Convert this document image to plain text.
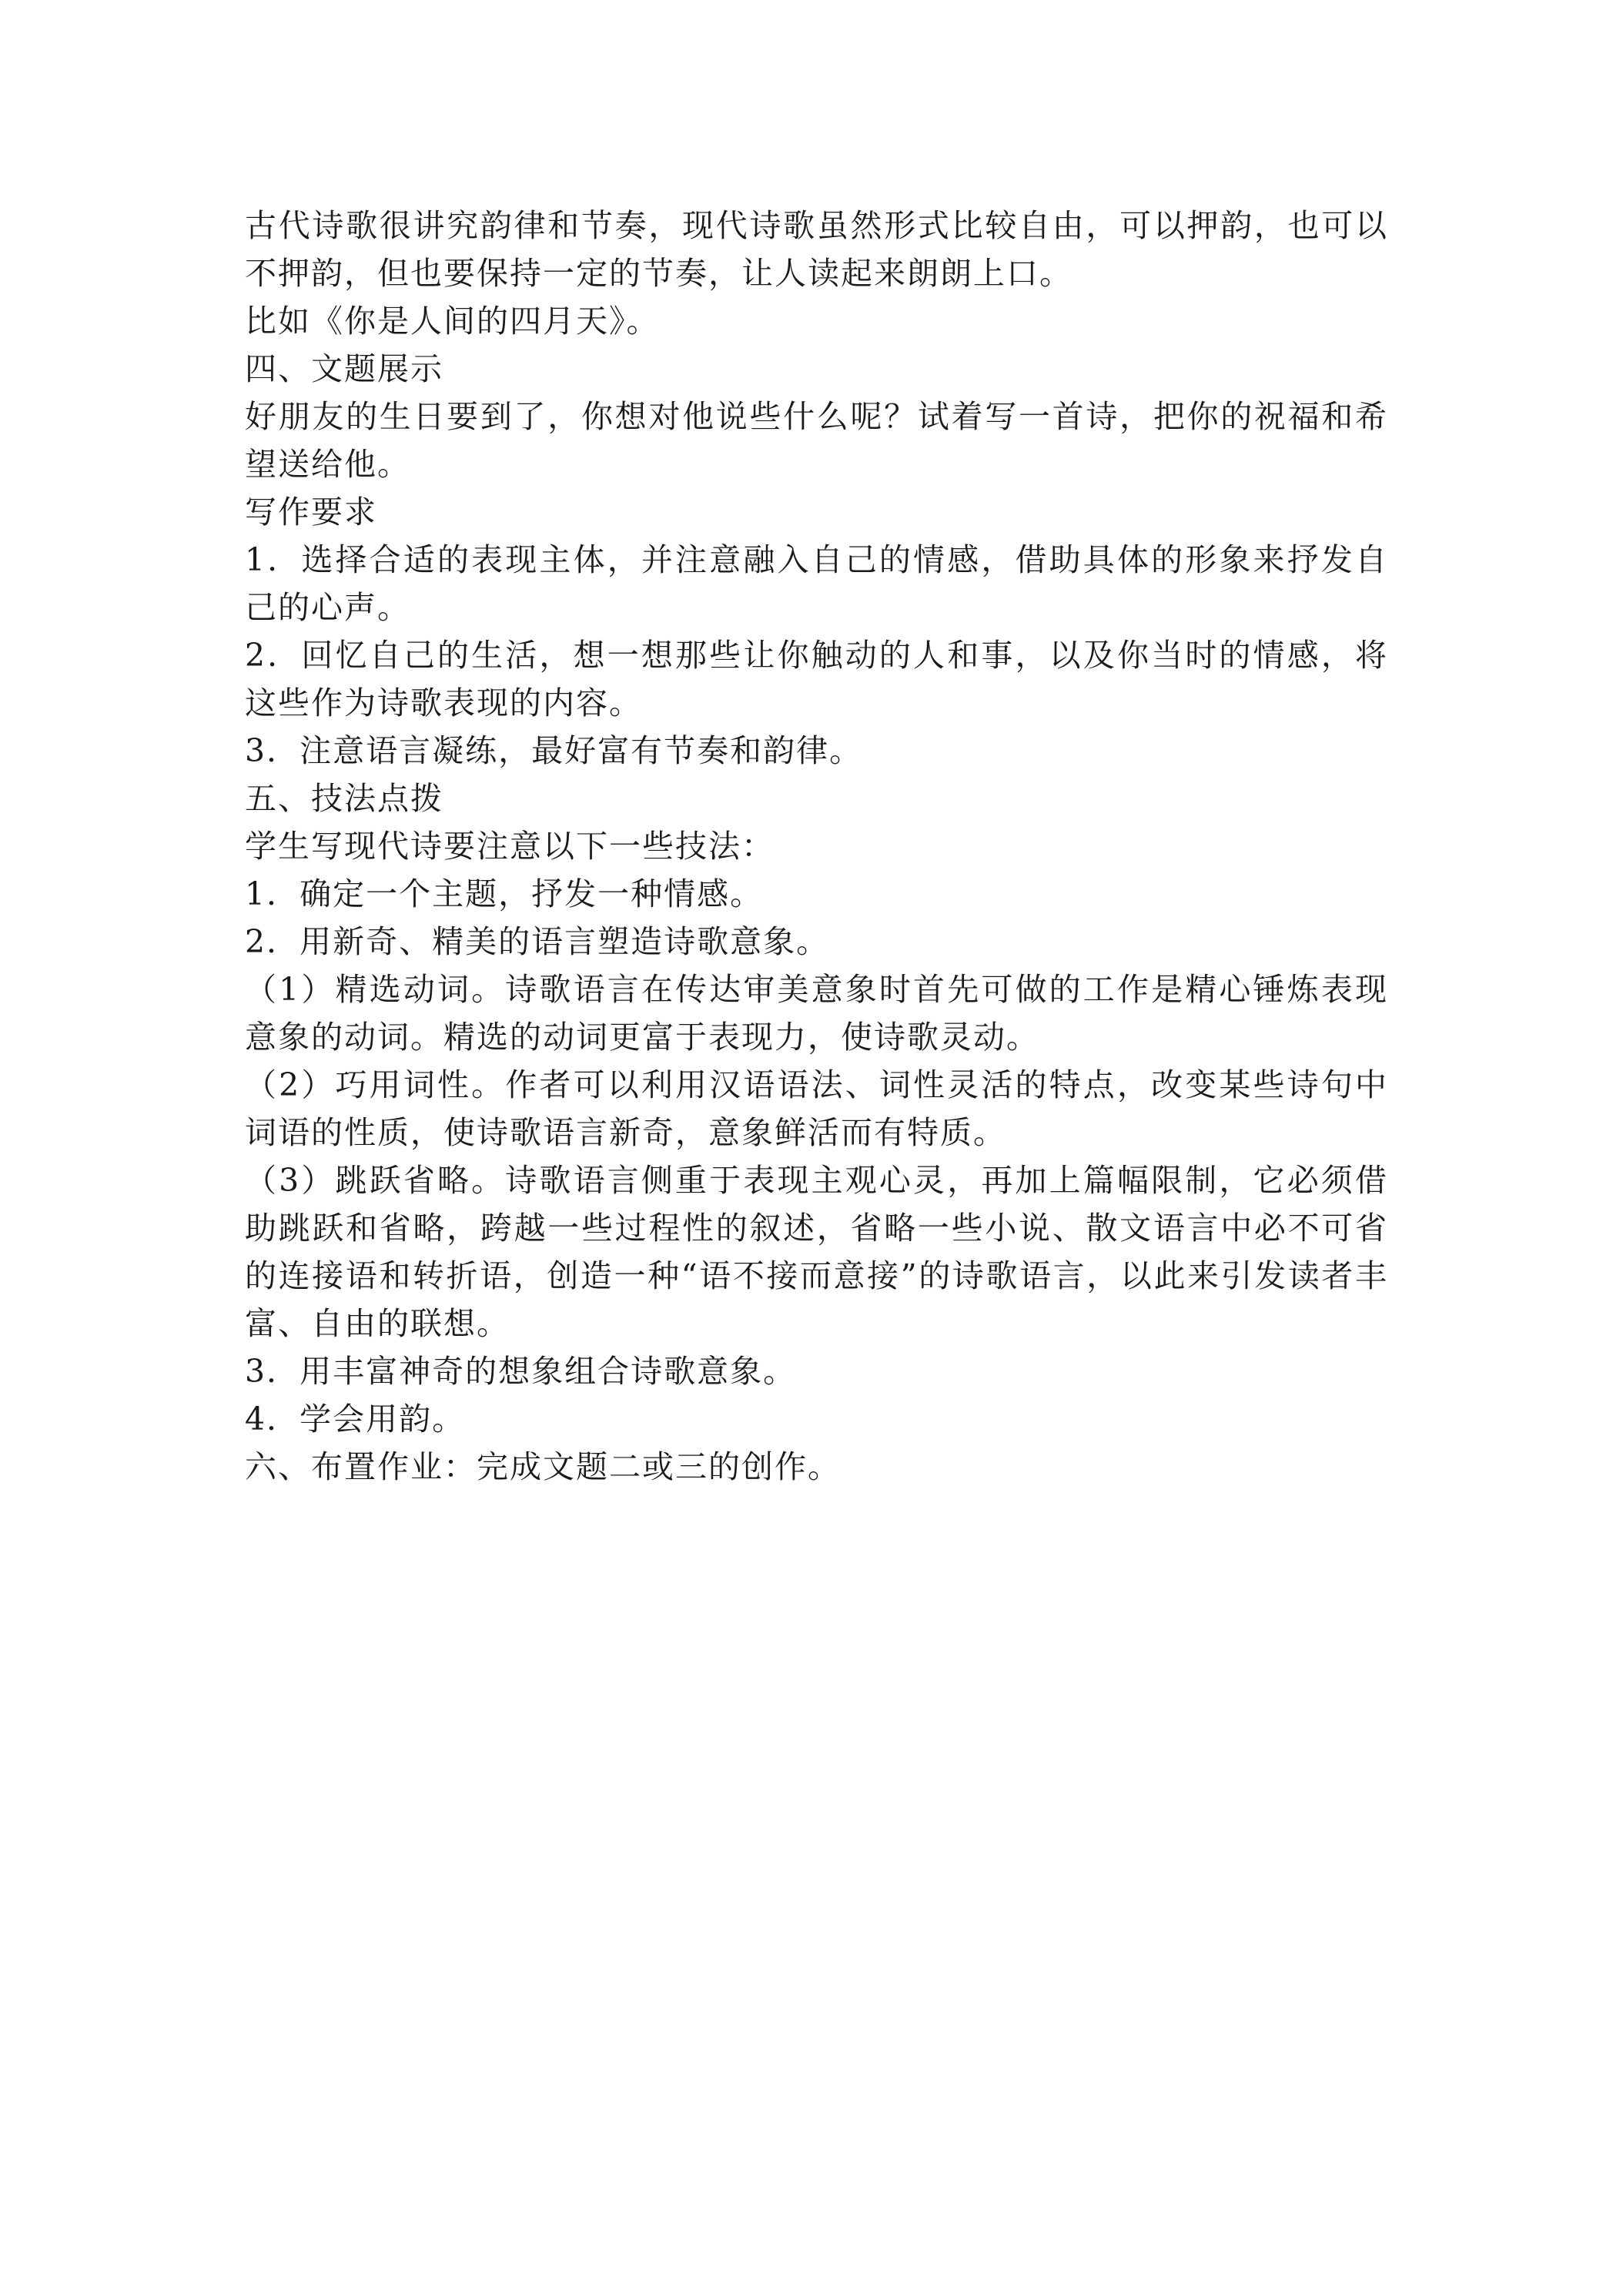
古代诗歌很讲究韵律和节奏，现代诗歌虽然形式比较自由，可以押韵，也可以不押韵，但也要保持一定的节奏，让人读起来朗朗上口。

比如《你是人间的四月天》。

四、文题展示

好朋友的生日要到了，你想对他说些什么呢？试着写一首诗，把你的祝福和希望送给他。

写作要求

1．选择合适的表现主体，并注意融入自己的情感，借助具体的形象来抒发自己的心声。

2．回忆自己的生活，想一想那些让你触动的人和事，以及你当时的情感，将这些作为诗歌表现的内容。

3．注意语言凝练，最好富有节奏和韵律。

五、技法点拨

学生写现代诗要注意以下一些技法：

1．确定一个主题，抒发一种情感。

2．用新奇、精美的语言塑造诗歌意象。

（1）精选动词。诗歌语言在传达审美意象时首先可做的工作是精心锤炼表现意象的动词。精选的动词更富于表现力，使诗歌灵动。

（2）巧用词性。作者可以利用汉语语法、词性灵活的特点，改变某些诗句中词语的性质，使诗歌语言新奇，意象鲜活而有特质。

（3）跳跃省略。诗歌语言侧重于表现主观心灵，再加上篇幅限制，它必须借助跳跃和省略，跨越一些过程性的叙述，省略一些小说、散文语言中必不可省的连接语和转折语，创造一种“语不接而意接”的诗歌语言，以此来引发读者丰富、自由的联想。

3．用丰富神奇的想象组合诗歌意象。

4．学会用韵。

六、布置作业：完成文题二或三的创作。
